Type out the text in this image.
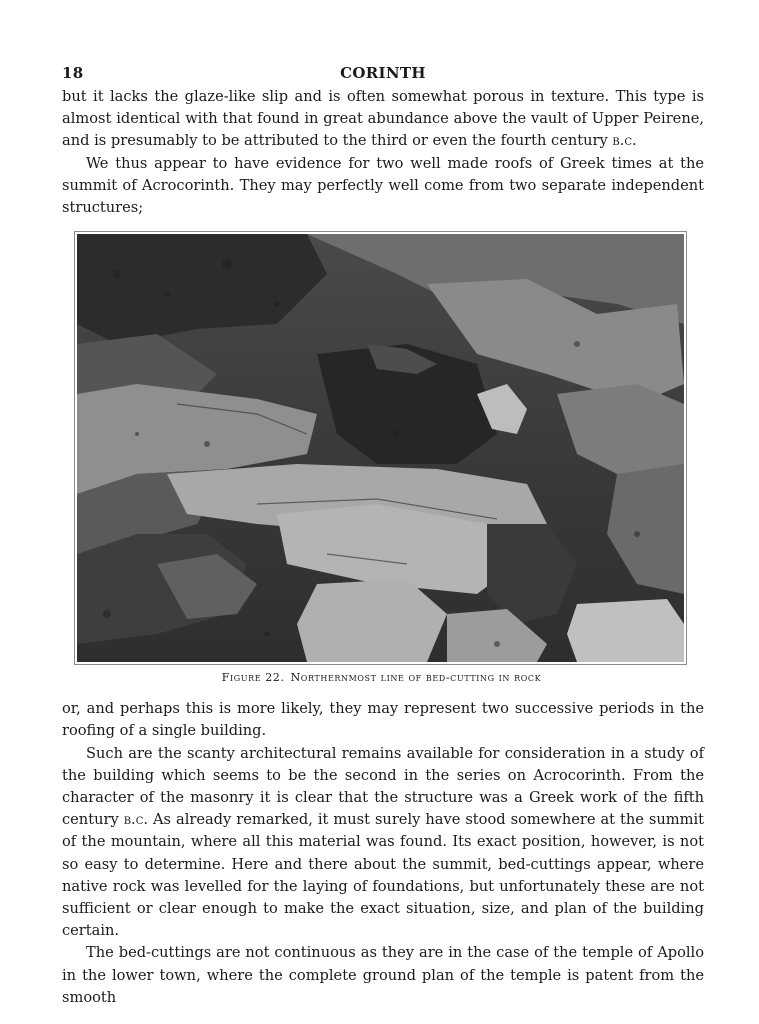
18	CORINTH

but it lacks the glaze-like slip and is often somewhat porous in texture. This type is almost identical with that found in great abundance above the vault of Upper Peirene, and is presumably to be attributed to the third or even the fourth century b.c.

We thus appear to have evidence for two well made roofs of Greek times at the summit of Acrocorinth. They may perfectly well come from two separate independent structures;

Figure 22. Northernmost line of bed-cutting in rock

or, and perhaps this is more likely, they may represent two successive periods in the roofing of a single building.

Such are the scanty architectural remains available for consideration in a study of the building which seems to be the second in the series on Acrocorinth. From the character of the masonry it is clear that the structure was a Greek work of the fifth century b.c. As already remarked, it must surely have stood somewhere at the summit of the mountain, where all this material was found. Its exact position, however, is not so easy to determine. Here and there about the summit, bed-cuttings appear, where native rock was levelled for the laying of foundations, but unfortunately these are not sufficient or clear enough to make the exact situation, size, and plan of the building certain.

The bed-cuttings are not continuous as they are in the case of the temple of Apollo in the lower town, where the complete ground plan of the temple is patent from the smooth
